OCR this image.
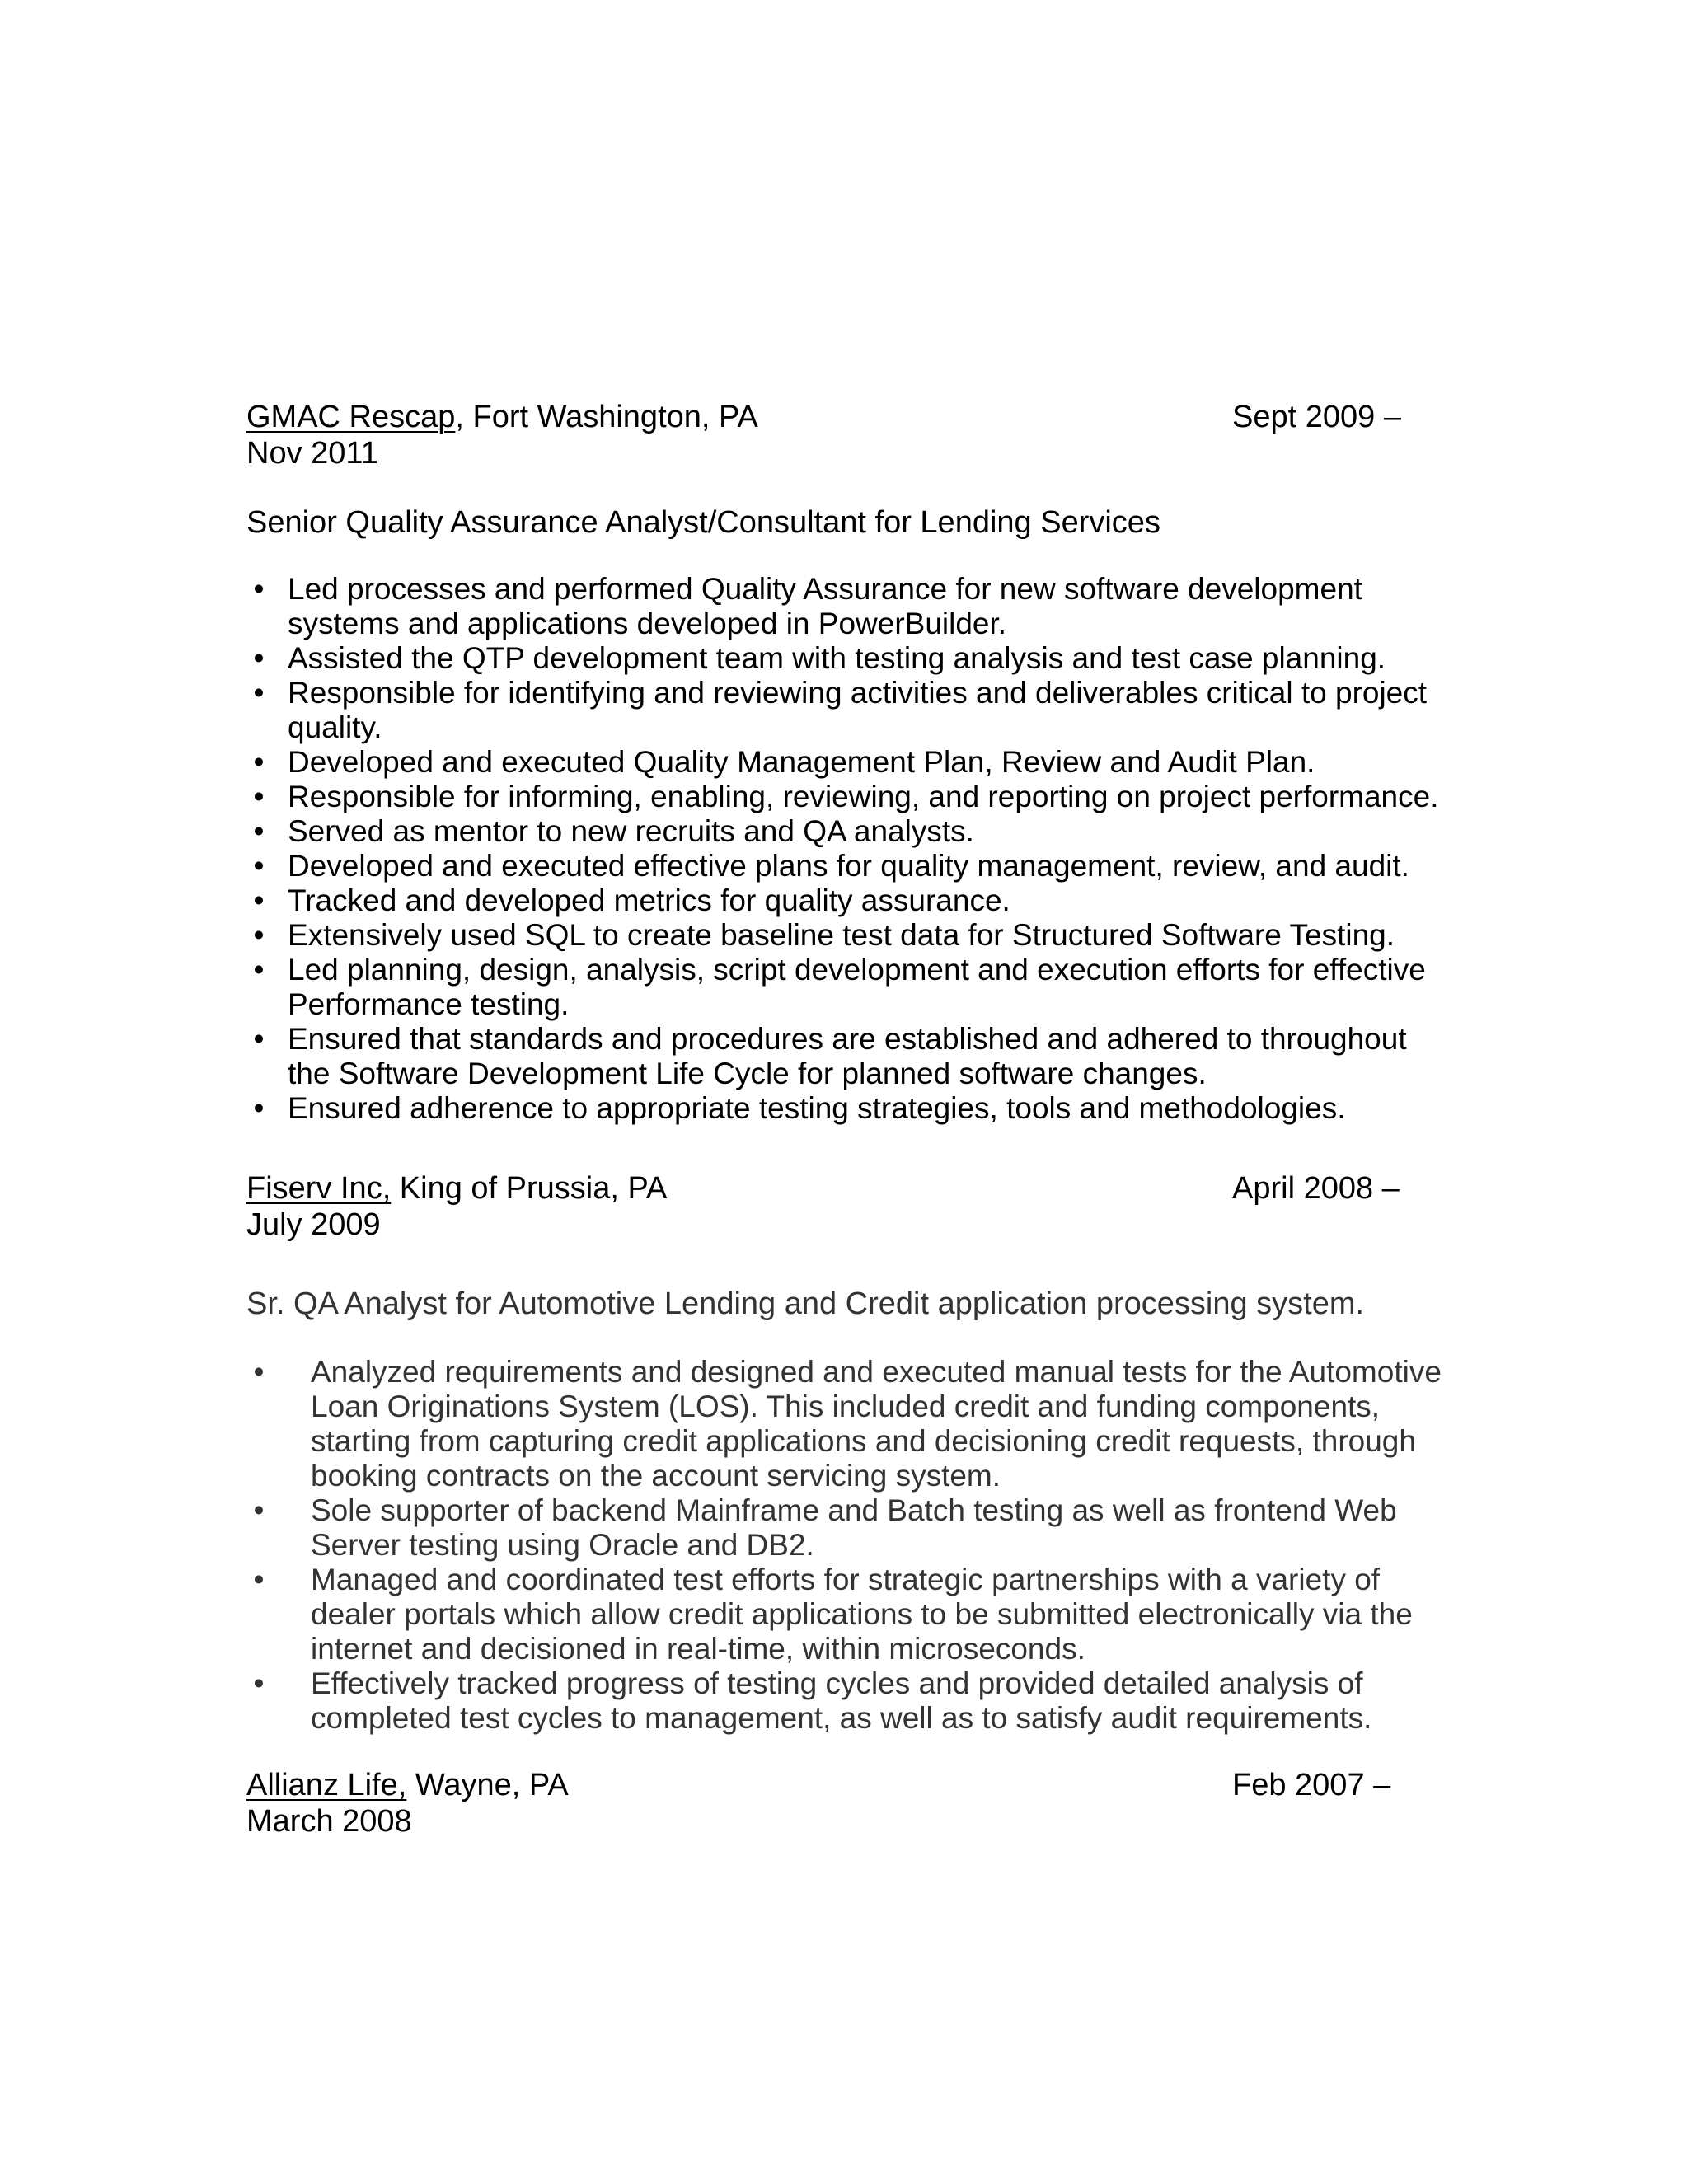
GMAC Rescap, Fort Washington, PA	Sept 2009 –
Nov 2011
Senior Quality Assurance Analyst/Consultant for Lending Services
• Led processes and performed Quality Assurance for new software development systems and applications developed in PowerBuilder.
• Assisted the QTP development team with testing analysis and test case planning.
• Responsible for identifying and reviewing activities and deliverables critical to project quality.
• Developed and executed Quality Management Plan, Review and Audit Plan.
• Responsible for informing, enabling, reviewing, and reporting on project performance.
• Served as mentor to new recruits and QA analysts.
• Developed and executed effective plans for quality management, review, and audit.
• Tracked and developed metrics for quality assurance.
• Extensively used SQL to create baseline test data for Structured Software Testing.
• Led planning, design, analysis, script development and execution efforts for effective Performance testing.
• Ensured that standards and procedures are established and adhered to throughout the Software Development Life Cycle for planned software changes.
• Ensured adherence to appropriate testing strategies, tools and methodologies.
Fiserv Inc, King of Prussia, PA	April 2008 –
July 2009
Sr. QA Analyst for Automotive Lending and Credit application processing system.
• Analyzed requirements and designed and executed manual tests for the Automotive Loan Originations System (LOS). This included credit and funding components, starting from capturing credit applications and decisioning credit requests, through booking contracts on the account servicing system.
• Sole supporter of backend Mainframe and Batch testing as well as frontend Web Server testing using Oracle and DB2.
• Managed and coordinated test efforts for strategic partnerships with a variety of dealer portals which allow credit applications to be submitted electronically via the internet and decisioned in real-time, within microseconds.
• Effectively tracked progress of testing cycles and provided detailed analysis of completed test cycles to management, as well as to satisfy audit requirements.
Allianz Life, Wayne, PA	Feb 2007 –
March 2008
